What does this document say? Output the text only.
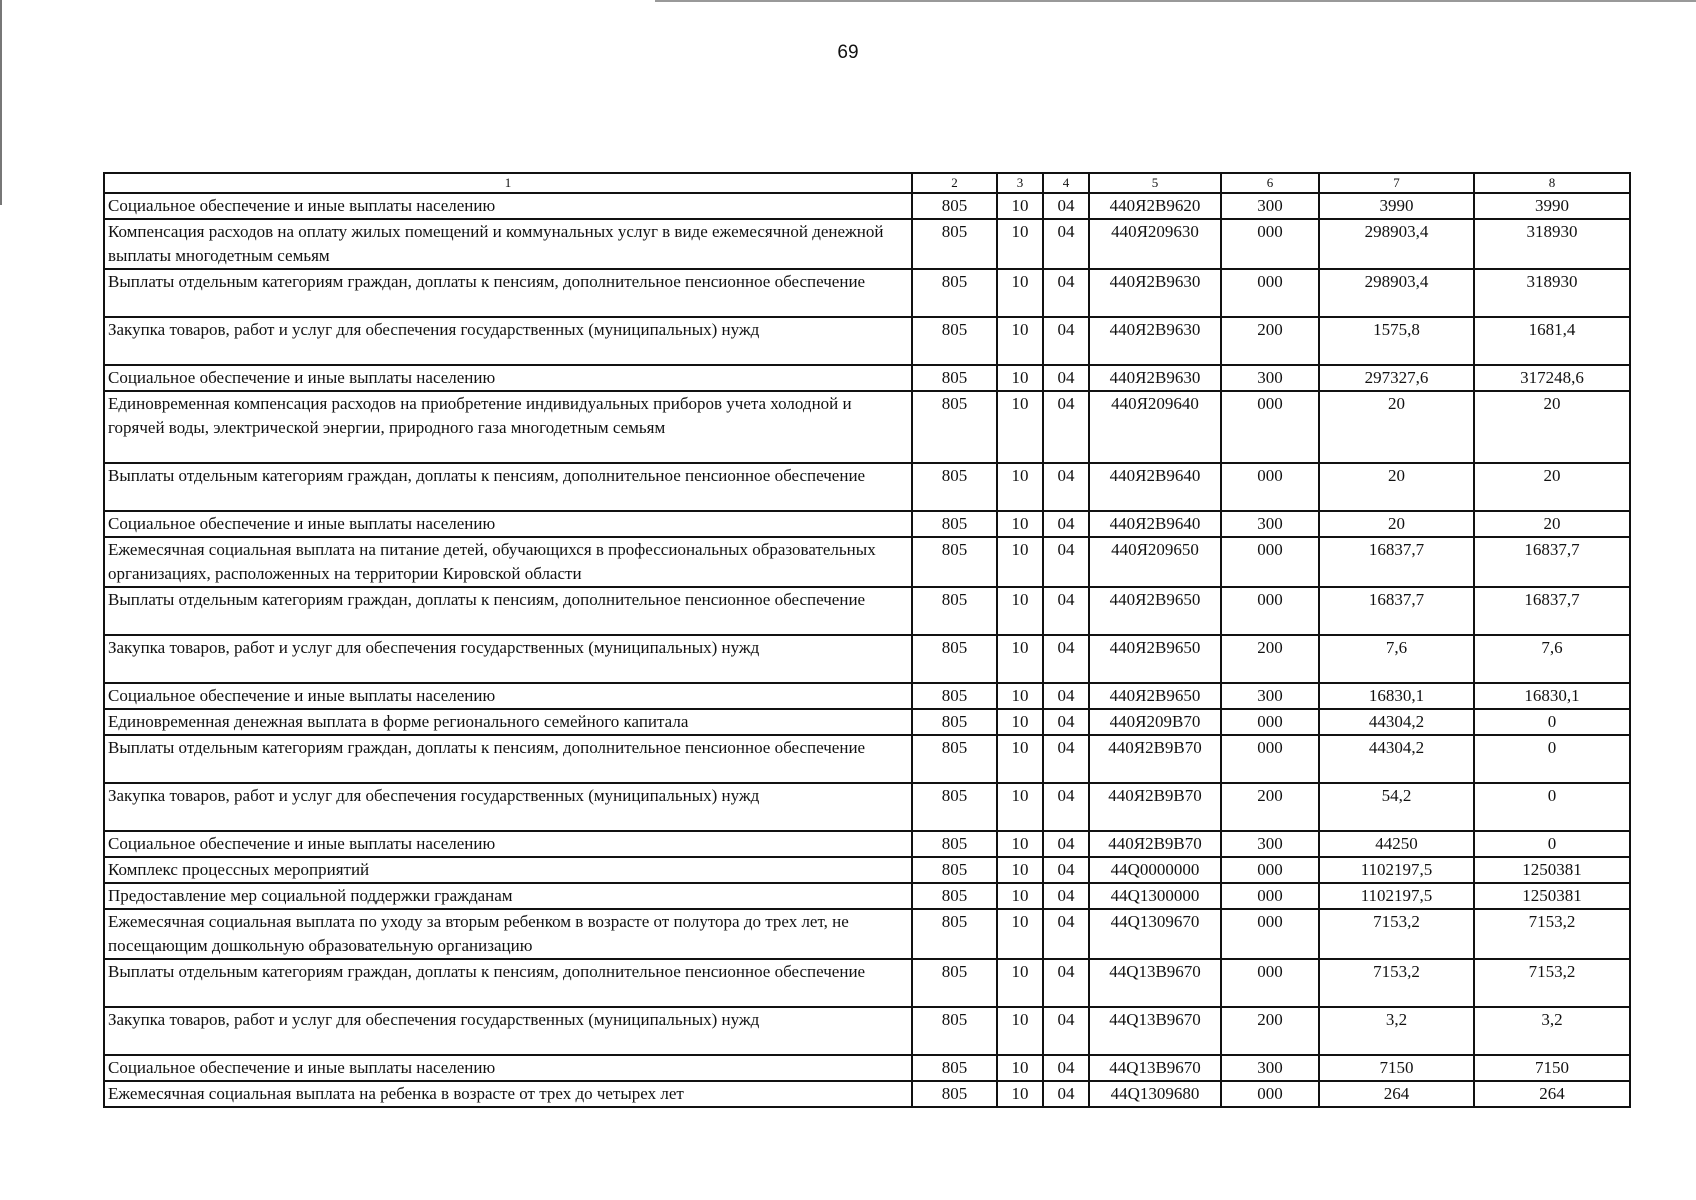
69
1	2	3	4	5	6	7	8
Социальное обеспечение и иные выплаты населению	805	10	04	440Я2В9620	300	3990	3990
Компенсация расходов на оплату жилых помещений и коммунальных услуг в виде ежемесячной денежной выплаты многодетным семьям	805	10	04	440Я209630	000	298903,4	318930
Выплаты отдельным категориям граждан, доплаты к пенсиям, дополнительное пенсионное обеспечение	805	10	04	440Я2В9630	000	298903,4	318930
Закупка товаров, работ и услуг для обеспечения государственных (муниципальных) нужд	805	10	04	440Я2В9630	200	1575,8	1681,4
Социальное обеспечение и иные выплаты населению	805	10	04	440Я2В9630	300	297327,6	317248,6
Единовременная компенсация расходов на приобретение индивидуальных приборов учета холодной и горячей воды, электрической энергии, природного газа многодетным семьям	805	10	04	440Я209640	000	20	20
Выплаты отдельным категориям граждан, доплаты к пенсиям, дополнительное пенсионное обеспечение	805	10	04	440Я2В9640	000	20	20
Социальное обеспечение и иные выплаты населению	805	10	04	440Я2В9640	300	20	20
Ежемесячная социальная выплата на питание детей, обучающихся в профессиональных образовательных организациях, расположенных на территории Кировской области	805	10	04	440Я209650	000	16837,7	16837,7
Выплаты отдельным категориям граждан, доплаты к пенсиям, дополнительное пенсионное обеспечение	805	10	04	440Я2В9650	000	16837,7	16837,7
Закупка товаров, работ и услуг для обеспечения государственных (муниципальных) нужд	805	10	04	440Я2В9650	200	7,6	7,6
Социальное обеспечение и иные выплаты населению	805	10	04	440Я2В9650	300	16830,1	16830,1
Единовременная денежная выплата в форме регионального семейного капитала	805	10	04	440Я209В70	000	44304,2	0
Выплаты отдельным категориям граждан, доплаты к пенсиям, дополнительное пенсионное обеспечение	805	10	04	440Я2В9В70	000	44304,2	0
Закупка товаров, работ и услуг для обеспечения государственных (муниципальных) нужд	805	10	04	440Я2В9В70	200	54,2	0
Социальное обеспечение и иные выплаты населению	805	10	04	440Я2В9В70	300	44250	0
Комплекс процессных мероприятий	805	10	04	44Q0000000	000	1102197,5	1250381
Предоставление мер социальной поддержки гражданам	805	10	04	44Q1300000	000	1102197,5	1250381
Ежемесячная социальная выплата по уходу за вторым ребенком в возрасте от полутора до трех лет, не посещающим дошкольную образовательную организацию	805	10	04	44Q1309670	000	7153,2	7153,2
Выплаты отдельным категориям граждан, доплаты к пенсиям, дополнительное пенсионное обеспечение	805	10	04	44Q13В9670	000	7153,2	7153,2
Закупка товаров, работ и услуг для обеспечения государственных (муниципальных) нужд	805	10	04	44Q13В9670	200	3,2	3,2
Социальное обеспечение и иные выплаты населению	805	10	04	44Q13В9670	300	7150	7150
Ежемесячная социальная выплата на ребенка в возрасте от трех до четырех лет	805	10	04	44Q1309680	000	264	264
